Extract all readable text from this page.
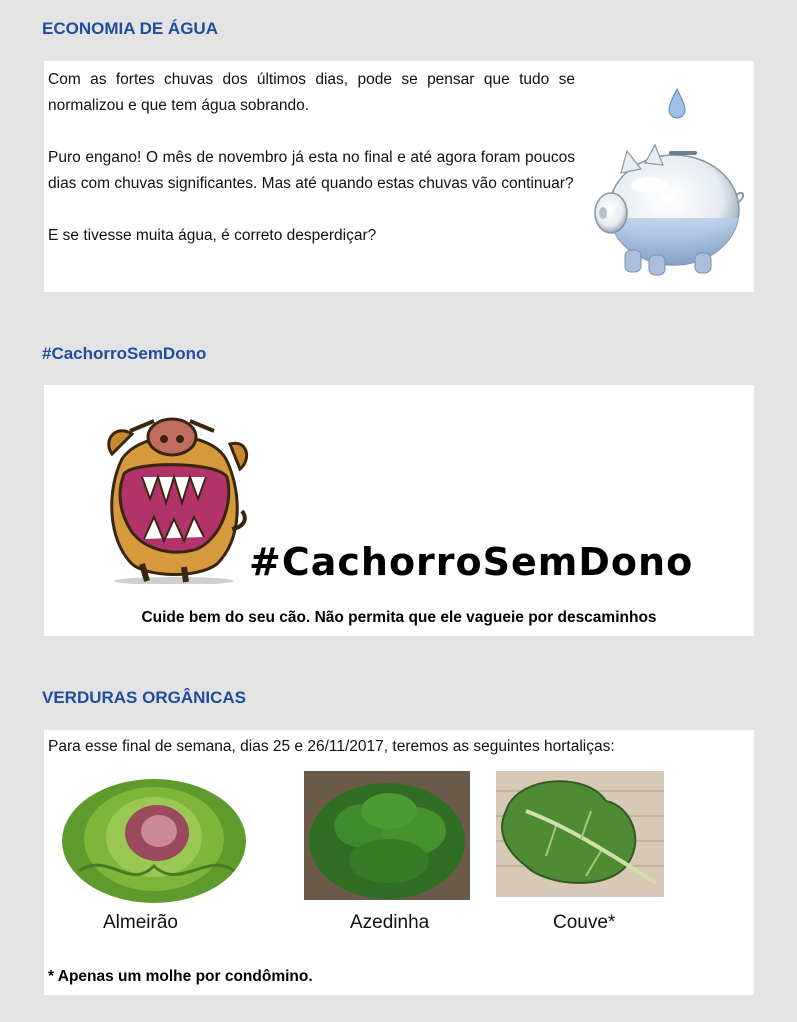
ECONOMIA DE ÁGUA

Com as fortes chuvas dos últimos dias, pode se pensar que tudo se normalizou e que tem água sobrando.

Puro engano! O mês de novembro já esta no final e até agora foram poucos dias com chuvas significantes. Mas até quando estas chuvas vão continuar?

E se tivesse muita água, é correto desperdiçar?

#CachorroSemDono
#CachorroSemDono
Cuide bem do seu cão. Não permita que ele vagueie por descaminhos
VERDURAS ORGÂNICAS
Para esse final de semana, dias 25 e 26/11/2017, teremos as seguintes hortaliças:
Almeirão	Azedinha	Couve*
* Apenas um molhe por condômino.
